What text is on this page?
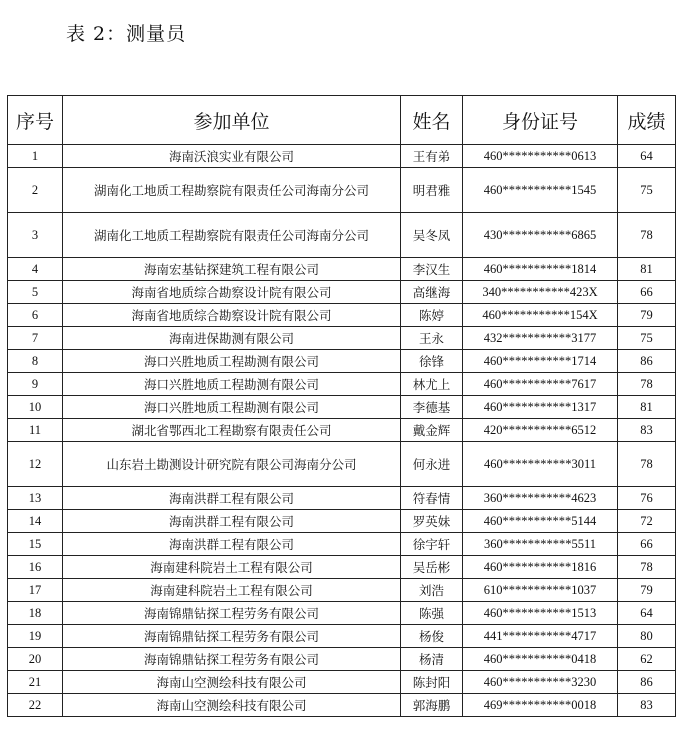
表 2：测量员
序号	参加单位	姓名	身份证号	成绩
1	海南沃浪实业有限公司	王有弟	460***********0613	64
2	湖南化工地质工程勘察院有限责任公司海南分公司	明君雅	460***********1545	75
3	湖南化工地质工程勘察院有限责任公司海南分公司	吴冬凤	430***********6865	78
4	海南宏基钻探建筑工程有限公司	李汉生	460***********1814	81
5	海南省地质综合勘察设计院有限公司	高继海	340***********423X	66
6	海南省地质综合勘察设计院有限公司	陈婷	460***********154X	79
7	海南进保勘测有限公司	王永	432***********3177	75
8	海口兴胜地质工程勘测有限公司	徐锋	460***********1714	86
9	海口兴胜地质工程勘测有限公司	林尤上	460***********7617	78
10	海口兴胜地质工程勘测有限公司	李德基	460***********1317	81
11	湖北省鄂西北工程勘察有限责任公司	戴金辉	420***********6512	83
12	山东岩土勘测设计研究院有限公司海南分公司	何永进	460***********3011	78
13	海南洪群工程有限公司	符春情	360***********4623	76
14	海南洪群工程有限公司	罗英妹	460***********5144	72
15	海南洪群工程有限公司	徐宇轩	360***********5511	66
16	海南建科院岩土工程有限公司	吴岳彬	460***********1816	78
17	海南建科院岩土工程有限公司	刘浩	610***********1037	79
18	海南锦鼎钻探工程劳务有限公司	陈强	460***********1513	64
19	海南锦鼎钻探工程劳务有限公司	杨俊	441***********4717	80
20	海南锦鼎钻探工程劳务有限公司	杨清	460***********0418	62
21	海南山空测绘科技有限公司	陈封阳	460***********3230	86
22	海南山空测绘科技有限公司	郭海鹏	469***********0018	83
